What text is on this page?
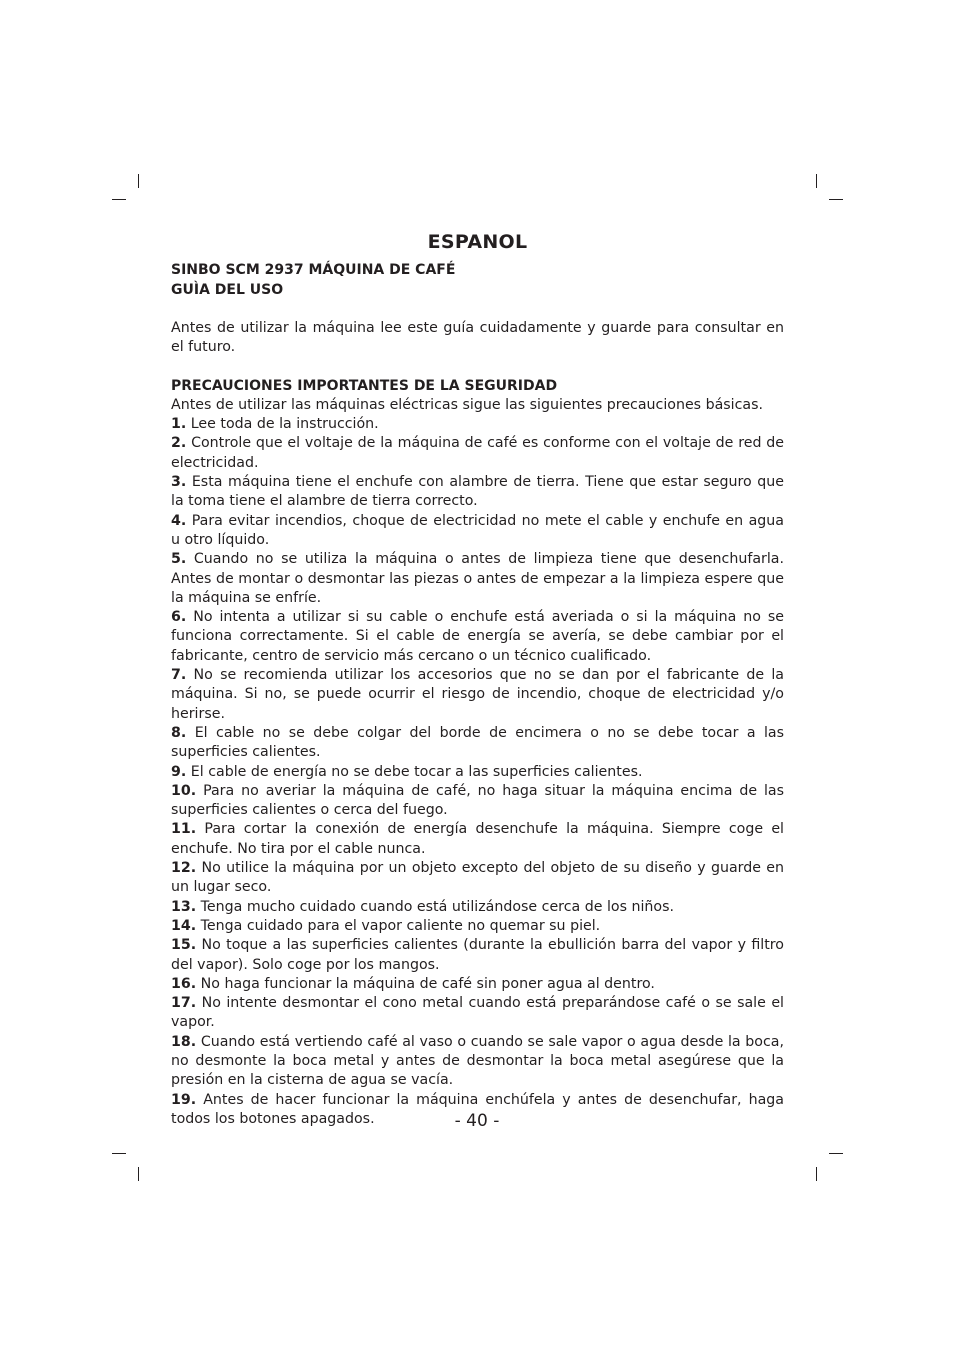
ESPANOL
SINBO SCM 2937 MÁQUINA DE CAFÉ
GUÌA DEL USO

Antes de utilizar la máquina lee este guía cuidadamente y guarde para consultar en el futuro.

PRECAUCIONES IMPORTANTES DE LA SEGURIDAD

Antes de utilizar las máquinas eléctricas sigue las siguientes precauciones básicas.

1. Lee toda de la instrucción.

2. Controle que el voltaje de la máquina de café es conforme con el voltaje de red de electricidad.

3. Esta máquina tiene el enchufe con alambre de tierra. Tiene que estar seguro que la toma tiene el alambre de tierra correcto.

4. Para evitar incendios, choque de electricidad no mete el cable y enchufe en agua u otro líquido.

5. Cuando no se utiliza la máquina o antes de limpieza tiene que desenchufarla. Antes de montar o desmontar las piezas o antes de empezar a la limpieza espere que la máquina se enfríe.

6. No intenta a utilizar si su cable o enchufe está averiada o si la máquina no se funciona correctamente. Si el cable de energía se avería, se debe cambiar por el fabricante, centro de servicio más cercano o un técnico cualificado.

7. No se recomienda utilizar los accesorios que no se dan por el fabricante de la máquina. Si no, se puede ocurrir el riesgo de incendio, choque de electricidad y/o herirse.

8. El cable no se debe colgar del borde de encimera o no se debe tocar a las superficies calientes.

9. El cable de energía no se debe tocar a las superficies calientes.

10. Para no averiar la máquina de café, no haga situar la máquina encima de las superficies calientes o cerca del fuego.

11. Para cortar la conexión de energía desenchufe la máquina. Siempre coge el enchufe. No tira por el cable nunca.

12. No utilice la máquina por un objeto excepto del objeto de su diseño y guarde en un lugar seco.

13. Tenga mucho cuidado cuando está utilizándose cerca de los niños.

14. Tenga cuidado para el vapor caliente no quemar su piel.

15. No toque a las superficies calientes (durante la ebullición barra del vapor y filtro del vapor). Solo coge por los mangos.

16. No haga funcionar la máquina de café sin poner agua al dentro.

17. No intente desmontar el cono metal cuando está preparándose café o se sale el vapor.

18. Cuando está vertiendo café al vaso o cuando se sale vapor o agua desde la boca, no desmonte la boca metal y antes de desmontar la boca metal asegúrese que la presión en la cisterna de agua se vacía.

19. Antes de hacer funcionar la máquina enchúfela y antes de desenchufar, haga todos los botones apagados.	- 40 -
